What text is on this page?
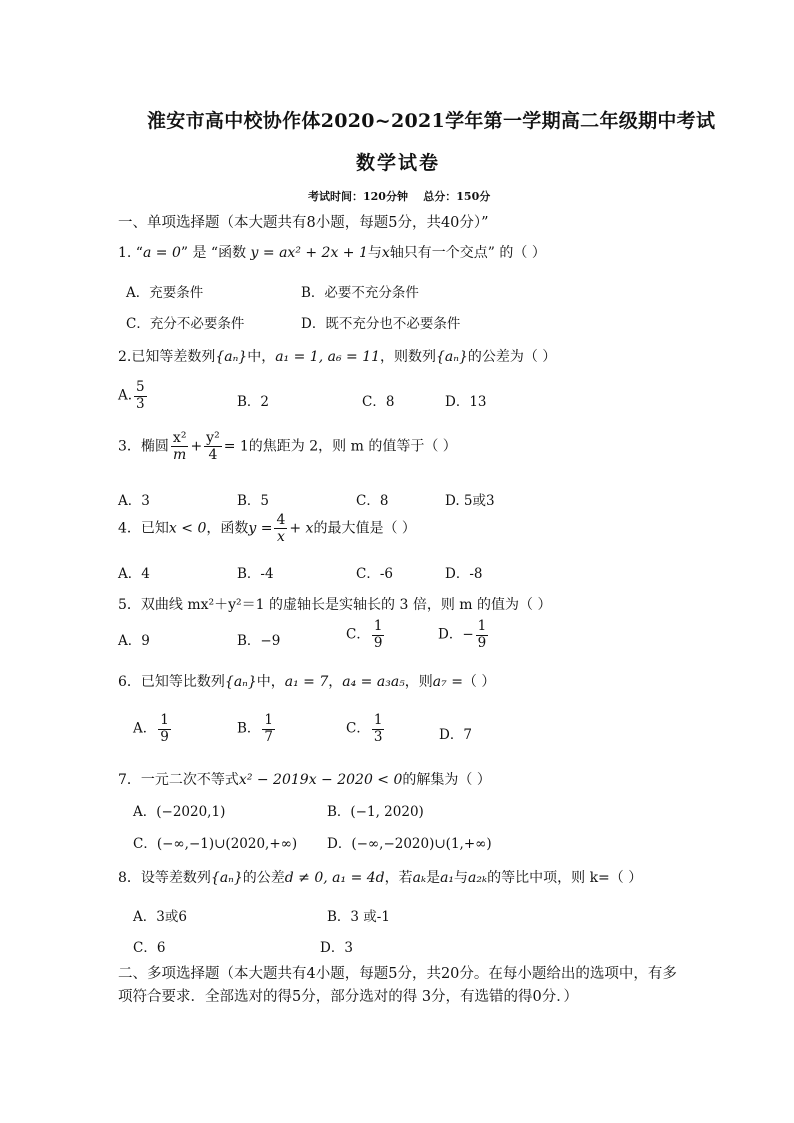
淮安市高中校协作体2020~2021学年第一学期高二年级期中考试
数学试卷
考试时间：120分钟    总分：150分
一、单项选择题（本大题共有8小题，每题5分，共40分）”
1. “a = 0” 是 “函数 y = ax² + 2x + 1与x轴只有一个交点” 的（ ）
A．充要条件	B．必要不充分条件
C．充分不必要条件	D．既不充分也不必要条件
2.已知等差数列{aₙ}中，a₁ = 1, a₆ = 11，则数列{aₙ}的公差为（ ）
A. $\frac{5}{3}$	B．2	C．8	D．13
3．椭圆 $\frac{\text{x²}}{m} + \frac{\text{y²}}{4} = 1$的焦距为 2，则 m 的值等于（ ）
A．3	B．5	C．8	D. 5或3
4．已知x < 0，函数$y = \frac{4}{x} + x$的最大值是（ ）
A．4	B．-4	C．-6	D．-8
5．双曲线 mx²＋y²＝1 的虚轴长是实轴长的 3 倍，则 m 的值为（ ）
A．9	B．−9	C． $\frac{1}{9}$	D．− $\frac{1}{9}$
6．已知等比数列{aₙ}中，a₁ = 7，a₄ = a₃a₅，则a₇ =（ ）
A． $\frac{1}{9}$	B． $\frac{1}{7}$	C． $\frac{1}{3}$	D．7
7．一元二次不等式x² − 2019x − 2020 < 0的解集为（ ）
A．(−2020,1)	B．(−1, 2020)
C．(−∞,−1)∪(2020,+∞) D．(−∞,−2020)∪(1,+∞)
8．设等差数列{aₙ}的公差d ≠ 0, a₁ = 4d，若aₖ是a₁与a₂ₖ的等比中项，则 k=（ ）
A．3或6	B．3 或-1
C．6	D．3
二、多项选择题（本大题共有4小题，每题5分，共20分。在每小题给出的选项中，有多
项符合要求．全部选对的得5分，部分选对的得 3分，有选错的得0分．）
